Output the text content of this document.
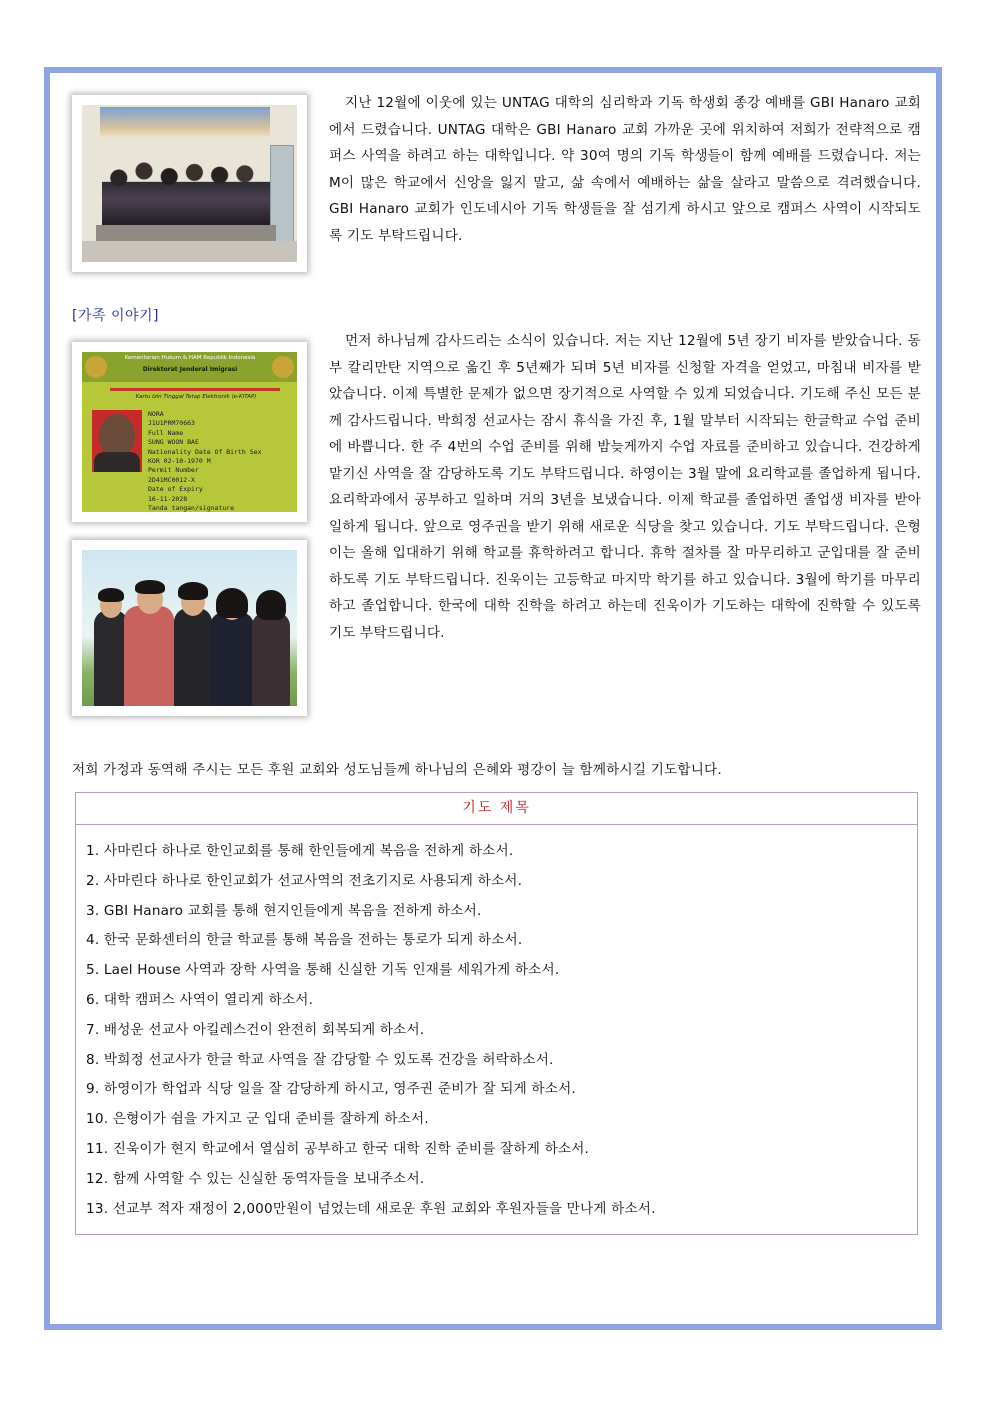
지난 12월에 이웃에 있는 UNTAG 대학의 심리학과 기독 학생회 종강 예배를 GBI Hanaro 교회에서 드렸습니다. UNTAG 대학은 GBI Hanaro 교회 가까운 곳에 위치하여 저희가 전략적으로 캠퍼스 사역을 하려고 하는 대학입니다. 약 30여 명의 기독 학생들이 함께 예배를 드렸습니다. 저는 M이 많은 학교에서 신앙을 잃지 말고, 삶 속에서 예배하는 삶을 살라고 말씀으로 격려했습니다. GBI Hanaro 교회가 인도네시아 기독 학생들을 잘 섬기게 하시고 앞으로 캠퍼스 사역이 시작되도록 기도 부탁드립니다.

[가족 이야기]

Kementerian Hukum & HAM Republik Indonesia
Direktorat Jenderal Imigrasi
Kartu Izin Tinggal Tetap Elektronik (e-KITAP)
NORA
J1U1PRM70663
Full Name
SUNG WOON BAE
Nationality Date Of Birth Sex
KOR 02-10-1970 M
Permit Number
2D41MC0012-X
Date of Expiry
16-11-2028
Tanda tangan/signature

먼저 하나님께 감사드리는 소식이 있습니다. 저는 지난 12월에 5년 장기 비자를 받았습니다. 동부 칼리만탄 지역으로 옮긴 후 5년째가 되며 5년 비자를 신청할 자격을 얻었고, 마침내 비자를 받았습니다. 이제 특별한 문제가 없으면 장기적으로 사역할 수 있게 되었습니다. 기도해 주신 모든 분께 감사드립니다. 박희정 선교사는 잠시 휴식을 가진 후, 1월 말부터 시작되는 한글학교 수업 준비에 바쁩니다. 한 주 4번의 수업 준비를 위해 밤늦게까지 수업 자료를 준비하고 있습니다. 건강하게 맡기신 사역을 잘 감당하도록 기도 부탁드립니다. 하영이는 3월 말에 요리학교를 졸업하게 됩니다. 요리학과에서 공부하고 일하며 거의 3년을 보냈습니다. 이제 학교를 졸업하면 졸업생 비자를 받아 일하게 됩니다. 앞으로 영주권을 받기 위해 새로운 식당을 찾고 있습니다. 기도 부탁드립니다. 은형이는 올해 입대하기 위해 학교를 휴학하려고 합니다. 휴학 절차를 잘 마무리하고 군입대를 잘 준비하도록 기도 부탁드립니다. 진욱이는 고등학교 마지막 학기를 하고 있습니다. 3월에 학기를 마무리하고 졸업합니다. 한국에 대학 진학을 하려고 하는데 진욱이가 기도하는 대학에 진학할 수 있도록 기도 부탁드립니다.

저희 가정과 동역해 주시는 모든 후원 교회와 성도님들께 하나님의 은혜와 평강이 늘 함께하시길 기도합니다.

기도 제목
1. 사마린다 하나로 한인교회를 통해 한인들에게 복음을 전하게 하소서.
2. 사마린다 하나로 한인교회가 선교사역의 전초기지로 사용되게 하소서.
3. GBI Hanaro 교회를 통해 현지인들에게 복음을 전하게 하소서.
4. 한국 문화센터의 한글 학교를 통해 복음을 전하는 통로가 되게 하소서.
5. Lael House 사역과 장학 사역을 통해 신실한 기독 인재를 세워가게 하소서.
6. 대학 캠퍼스 사역이 열리게 하소서.
7. 배성운 선교사 아킬레스건이 완전히 회복되게 하소서.
8. 박희정 선교사가 한글 학교 사역을 잘 감당할 수 있도록 건강을 허락하소서.
9. 하영이가 학업과 식당 일을 잘 감당하게 하시고, 영주권 준비가 잘 되게 하소서.
10. 은형이가 쉼을 가지고 군 입대 준비를 잘하게 하소서.
11. 진욱이가 현지 학교에서 열심히 공부하고 한국 대학 진학 준비를 잘하게 하소서.
12. 함께 사역할 수 있는 신실한 동역자들을 보내주소서.
13. 선교부 적자 재정이 2,000만원이 넘었는데 새로운 후원 교회와 후원자들을 만나게 하소서.
